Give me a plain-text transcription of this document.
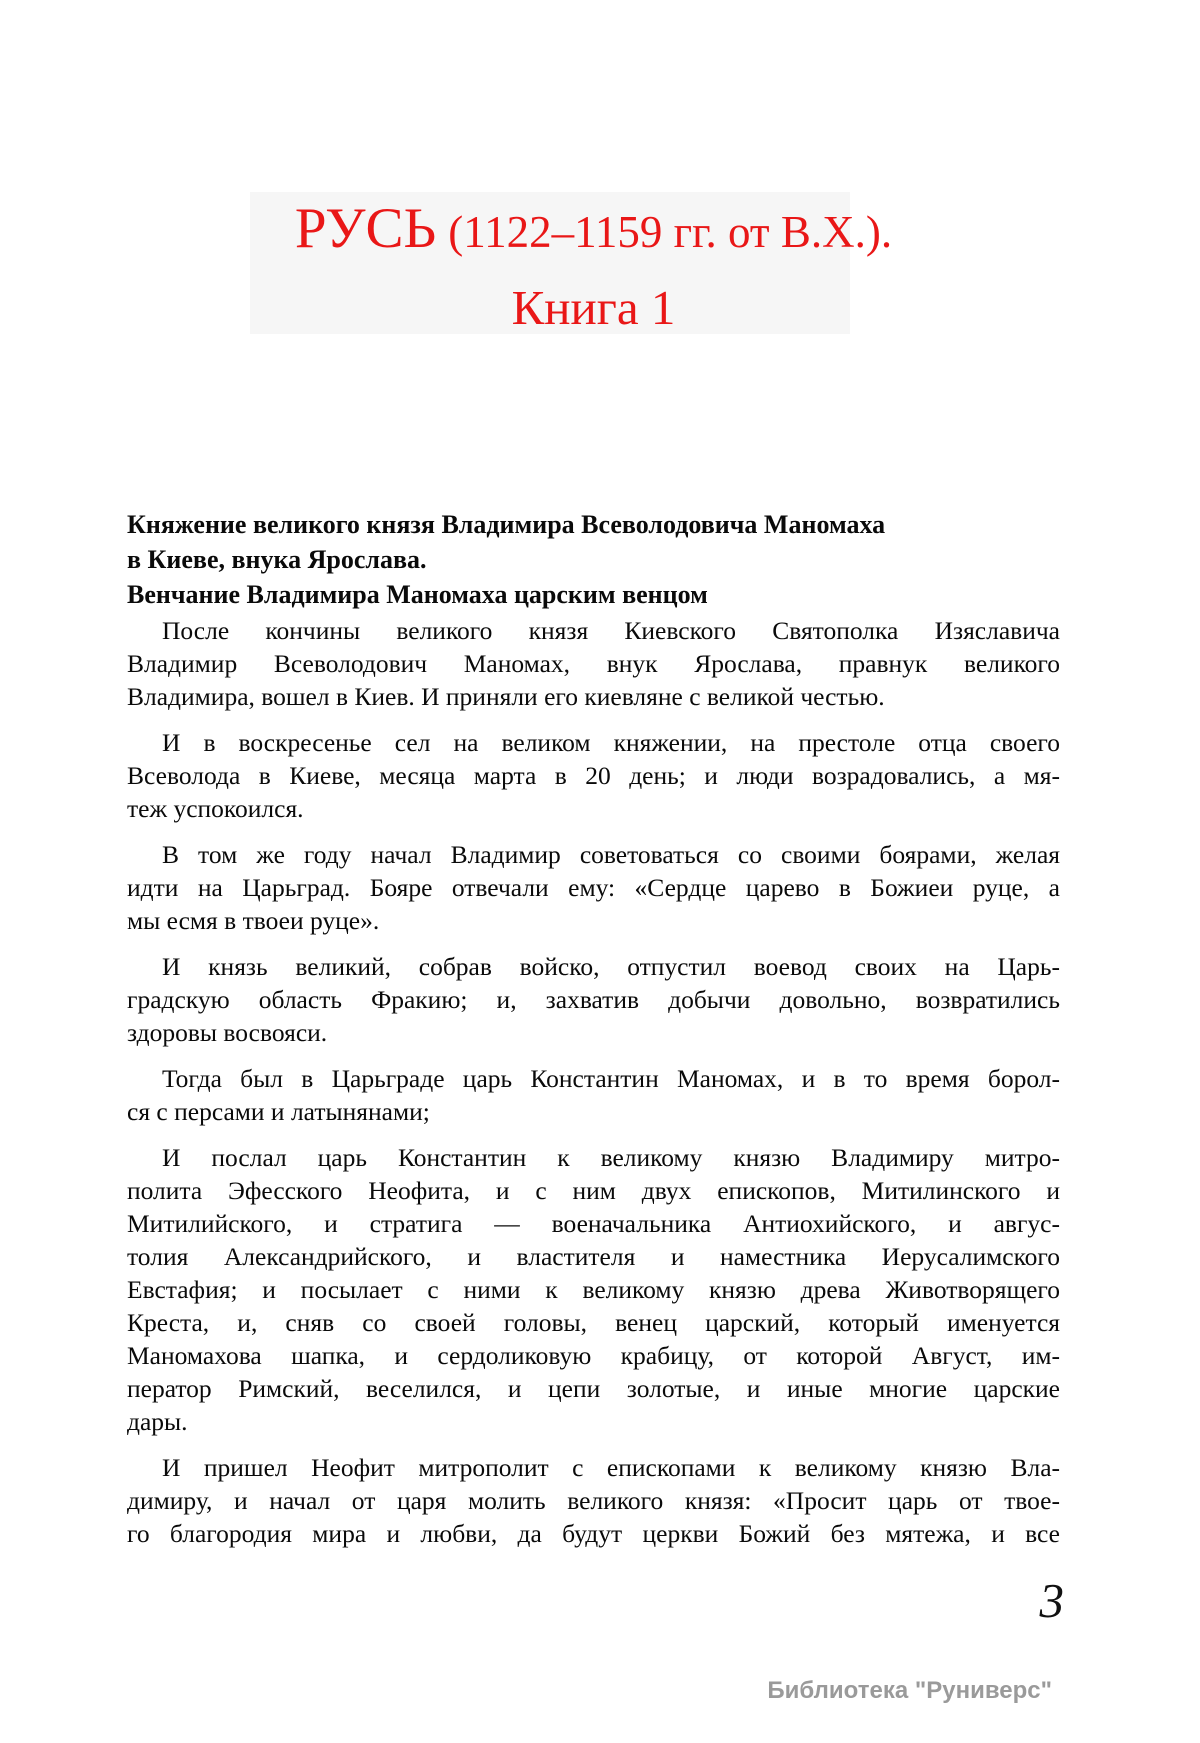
РУСЬ (1122–1159 гг. от В.Х.).
Книга 1
Княжение великого князя Владимира Всеволодовича Маномаха
в Киеве, внука Ярослава.
Венчание Владимира Маномаха царским венцом
После кончины великого князя Киевского Святополка Изяславича
Владимир Всеволодович Маномах, внук Ярослава, правнук великого
Владимира, вошел в Киев. И приняли его киевляне с великой честью.
И в воскресенье сел на великом княжении, на престоле отца своего
Всеволода в Киеве, месяца марта в 20 день; и люди возрадовались, а мя-
теж успокоился.
В том же году начал Владимир советоваться со своими боярами, желая
идти на Царьград. Бояре отвечали ему: «Сердце царево в Божиеи руце, а
мы есмя в твоеи руце».
И князь великий, собрав войско, отпустил воевод своих на Царь-
градскую область Фракию; и, захватив добычи довольно, возвратились
здоровы восвояси.
Тогда был в Царьграде царь Константин Маномах, и в то время борол-
ся с персами и латынянами;
И послал царь Константин к великому князю Владимиру митро-
полита Эфесского Неофита, и с ним двух епископов, Митилинского и
Митилийского, и стратига — военачальника Антиохийского, и авгус-
толия Александрийского, и властителя и наместника Иерусалимского
Евстафия; и посылает с ними к великому князю древа Животворящего
Креста, и, сняв со своей головы, венец царский, который именуется
Маномахова шапка, и сердоликовую крабицу, от которой Август, им-
ператор Римский, веселился, и цепи золотые, и иные многие царские
дары.
И пришел Неофит митрополит с епископами к великому князю Вла-
димиру, и начал от царя молить великого князя: «Просит царь от твое-
го благородия мира и любви, да будут церкви Божий без мятежа, и все
3
Библиотека "Руниверс"
